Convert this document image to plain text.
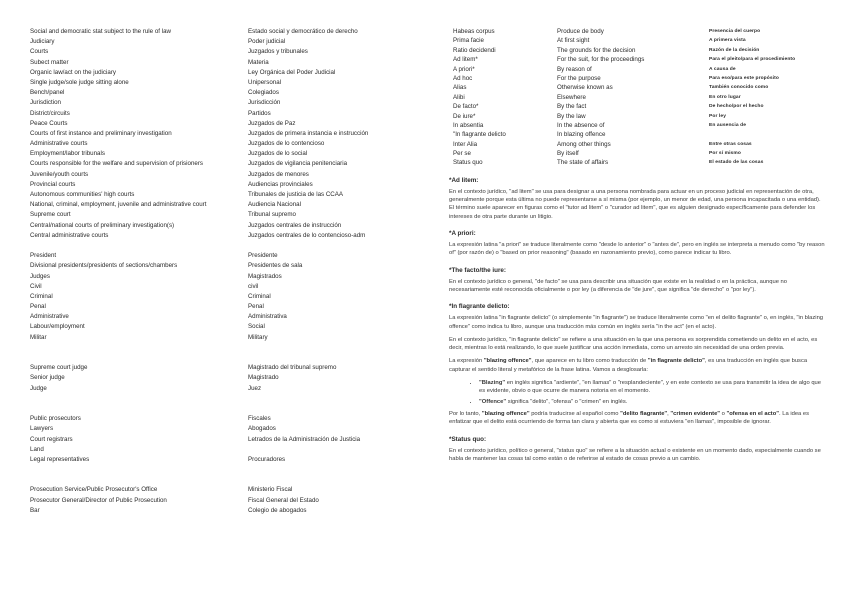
Social and democratic stat subject to the rule of law	Estado social y democrático de derecho
Judiciary	Poder judicial
Courts	Juzgados y tribunales
Subect matter	Materia
Organic law/act on the judiciary	Ley Orgánica del Poder Judicial
Single judge/sole judge sitting alone	Unipersonal
Bench/panel	Colegiados
Jurisdiction	Jurisdicción
District/circuits	Partidos
Peace Courts	Juzgados de Paz
Courts of first instance and preliminary investigation	Juzgados de primera instancia e instrucción
Administrative courts	Juzgados de lo contencioso
Employment/labor tribunals	Juzgados de lo social
Courts responsible for the welfare and supervision of prisioners	Juzgados de vigilancia penitenciaria
Juvenile/youth courts	Juzgados de menores
Provincial courts	Audiencias provinciales
Autonomous communities' high courts	Tribunales de justicia de las CCAA
National, criminal, employment, juvenile and administrative court	Audiencia Nacional
Supreme court	Tribunal supremo
Central/national courts of preliminary investigation(s)	Juzgados centrales de instrucción
Central administrative courts	Juzgados centrales de lo contencioso-adm
President	Presidente
Divisional presidents/presidents of sections/chambers	Presidentes de sala
Judges	Magistrados
Civil	civil
Criminal	Criminal
Penal	Penal
Administrative	Administrativa
Labour/employment	Social
Militar	Military
Supreme court judge	Magistrado del tribunal supremo
Senior judge	Magistrado
Judge	Juez
Public prosecutors	Fiscales
Lawyers	Abogados
Court registrars	Letrados de la Administración de Justicia
Land
Legal representatives	Procuradores
Prosecution Service/Public Prosecutor's Office	Ministerio Fiscal
Prosecutor General/Director of Public Prosecution	Fiscal General del Estado
Bar	Colegio de abogados
Habeas corpus	Produce de body	Presencia del cuerpo
Prima facie	At first sight	A primera vista
Ratio decidendi	The grounds for the decision	Razón de la decisión
Ad litem*	For the suit, for the proceedings	Para el pleito/para el procedimiento
A priori*	By reason of	A causa de
Ad hoc	For the purpose	Para eso/para este propósito
Alias	Otherwise known as	También conocido como
Alibi	Elsewhere	En otro lugar
De facto*	By the fact	De hecho/por el hecho
De iure*	By the law	Por ley
In absentia	In the absence of	En ausencia de
"In flagrante delicto	In blazing offence
Inter Alia	Among other things	Entre otras cosas
Per se	By itself	Por sí mismo
Status quo	The state of affairs	El estado de las cosas
*Ad litem:

En el contexto jurídico, "ad litem" se usa para designar a una persona nombrada para actuar en un proceso judicial en representación de otra, generalmente porque esta última no puede representarse a sí misma (por ejemplo, un menor de edad, una persona incapacitada o una entidad). El término suele aparecer en figuras como el "tutor ad litem" o "curador ad litem", que es alguien designado específicamente para defender los intereses de otra parte durante un litigio.

*A priori:

La expresión latina "a priori" se traduce literalmente como "desde lo anterior" o "antes de", pero en inglés se interpreta a menudo como "by reason of" (por razón de) o "based on prior reasoning" (basado en razonamiento previo), como parece indicar tu libro.

*The facto/the iure:

En el contexto jurídico o general, "de facto" se usa para describir una situación que existe en la realidad o en la práctica, aunque no necesariamente esté reconocida oficialmente o por ley (a diferencia de "de jure", que significa "de derecho" o "por ley").

*In flagrante delicto:

La expresión latina "in flagrante delicto" (o simplemente "in flagrante") se traduce literalmente como "en el delito flagrante" o, en inglés, "in blazing offence" como indica tu libro, aunque una traducción más común en inglés sería "in the act" (en el acto).

En el contexto jurídico, "in flagrante delicto" se refiere a una situación en la que una persona es sorprendida cometiendo un delito en el acto, es decir, mientras lo está realizando, lo que suele justificar una acción inmediata, como un arresto sin necesidad de una orden previa.

La expresión "blazing offence", que aparece en tu libro como traducción de "in flagrante delicto", es una traducción en inglés que busca capturar el sentido literal y metafórico de la frase latina. Vamos a desglosarla:

• "Blazing" en inglés significa "ardiente", "en llamas" o "resplandeciente", y en este contexto se usa para transmitir la idea de algo que es evidente, obvio o que ocurre de manera notoria en el momento.
• "Offence" significa "delito", "ofensa" o "crimen" en inglés.

Por lo tanto, "blazing offence" podría traducirse al español como "delito flagrante", "crimen evidente" o "ofensa en el acto". La idea es enfatizar que el delito está ocurriendo de forma tan clara y abierta que es como si estuviera "en llamas", imposible de ignorar.

*Status quo:

En el contexto jurídico, político o general, "status quo" se refiere a la situación actual o existente en un momento dado, especialmente cuando se habla de mantener las cosas tal como están o de referirse al estado de cosas previo a un cambio.
